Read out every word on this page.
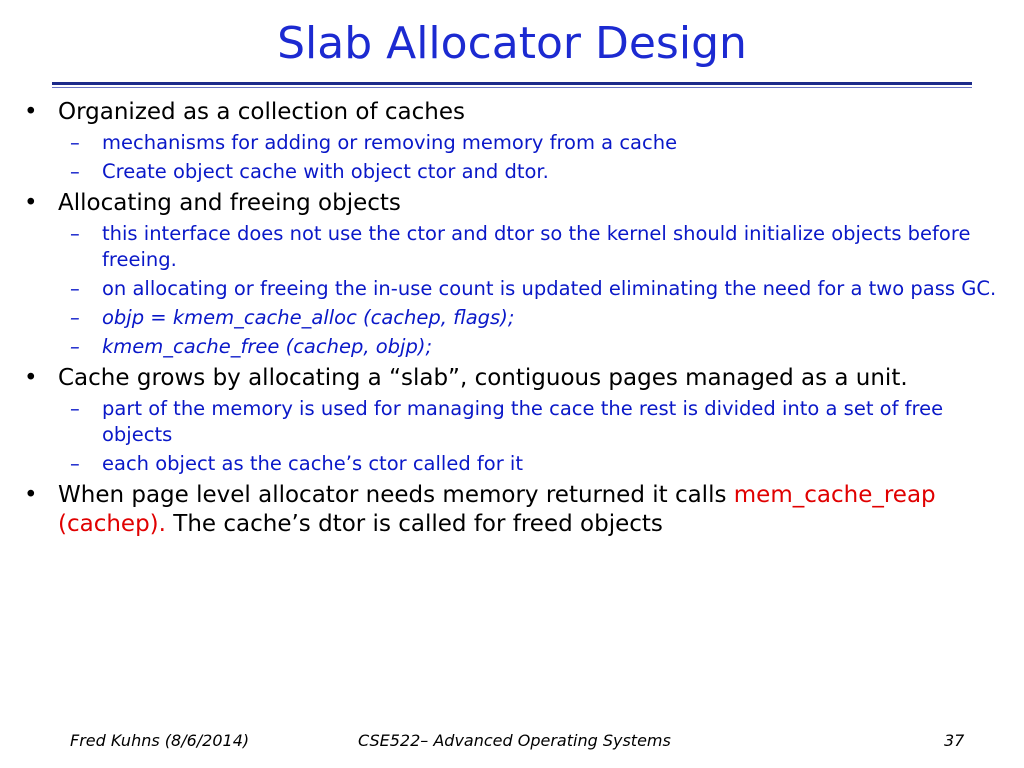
Slab Allocator Design
• Organized as a collection of caches
– mechanisms for adding or removing memory from a cache
– Create object cache with object ctor and dtor.
• Allocating and freeing objects
– this interface does not use the ctor and dtor so the kernel should initialize objects before freeing.
– on allocating or freeing the in-use count is updated eliminating the need for a two pass GC.
– objp = kmem_cache_alloc (cachep, flags);
– kmem_cache_free (cachep, objp);
• Cache grows by allocating a “slab”, contiguous pages managed as a unit.
– part of the memory is used for managing the cace the rest is divided into a set of free objects
– each object as the cache’s ctor called for it
• When page level allocator needs memory returned it calls mem_cache_reap (cachep). The cache’s dtor is called for freed objects
Fred Kuhns (8/6/2014)	CSE522– Advanced Operating Systems	37
